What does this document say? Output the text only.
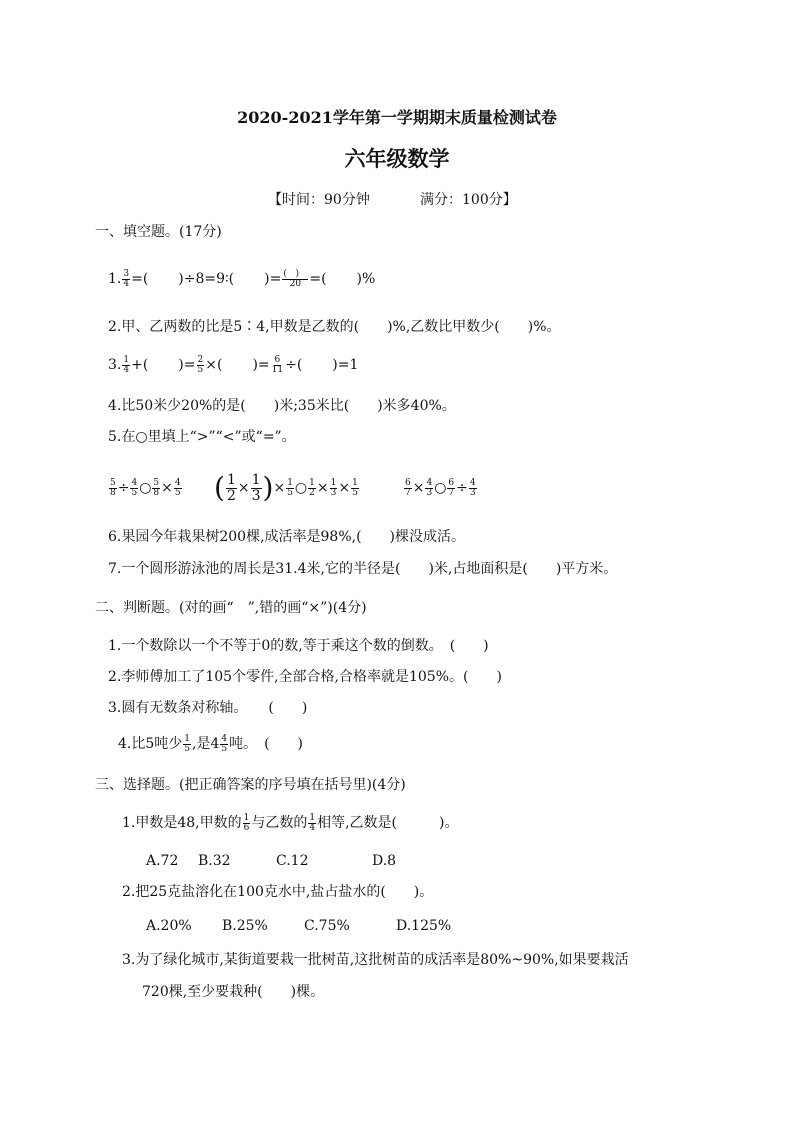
2020-2021学年第一学期期末质量检测试卷
六年级数学
【时间：90分钟	满分：100分】
一、填空题。(17分)
1. $\frac{3}{4}$ =( )÷8=9∶( )= $\frac{( )}{20}$ =( )%
2.甲、乙两数的比是5∶4,甲数是乙数的(　　)%,乙数比甲数少(　　)%。
3. $\frac{1}{4}$ +( )= $\frac{2}{5}$ ×( )= $\frac{6}{11}$ ÷( )=1
4.比50米少20%的是(　　)米;35米比(　　)米多40%。
5.在○里填上“>”“<”或“=”。
$\frac{5}{8} \div \frac{4}{5}$ ○ $\frac{5}{8} \times \frac{4}{5}$ ( $\frac{1}{2} \times \frac{1}{3}$ )× $\frac{1}{5}$ ○ $\frac{1}{2} \times \frac{1}{3} \times \frac{1}{5}$	$\frac{6}{7} \times \frac{4}{3}$ ○ $\frac{6}{7} \div \frac{4}{3}$
6.果园今年栽果树200棵,成活率是98%,(　　)棵没成活。
7.一个圆形游泳池的周长是31.4米,它的半径是(　　)米,占地面积是(　　)平方米。
二、判断题。(对的画“　”,错的画“×”)(4分)
1.一个数除以一个不等于0的数,等于乘这个数的倒数。　(　　)
2.李师傅加工了105个零件,全部合格,合格率就是105%。(　　)
3.圆有无数条对称轴。　　(　　)
4.比5吨少 $\frac{1}{5}$ ,是$4 \frac{4}{5}$ 吨。　(　　)
三、选择题。(把正确答案的序号填在括号里)(4分)
1.甲数是48,甲数的 $\frac{1}{6}$ 与乙数的 $\frac{1}{4}$ 相等,乙数是(　　　)。
A.72 B.32	C.12	D.8
2.把25克盐溶化在100克水中,盐占盐水的(　　)。
A.20% B.25%	C.75%	D.125%
3.为了绿化城市,某街道要栽一批树苗,这批树苗的成活率是80%~90%,如果要栽活
720棵,至少要栽种(　　)棵。
